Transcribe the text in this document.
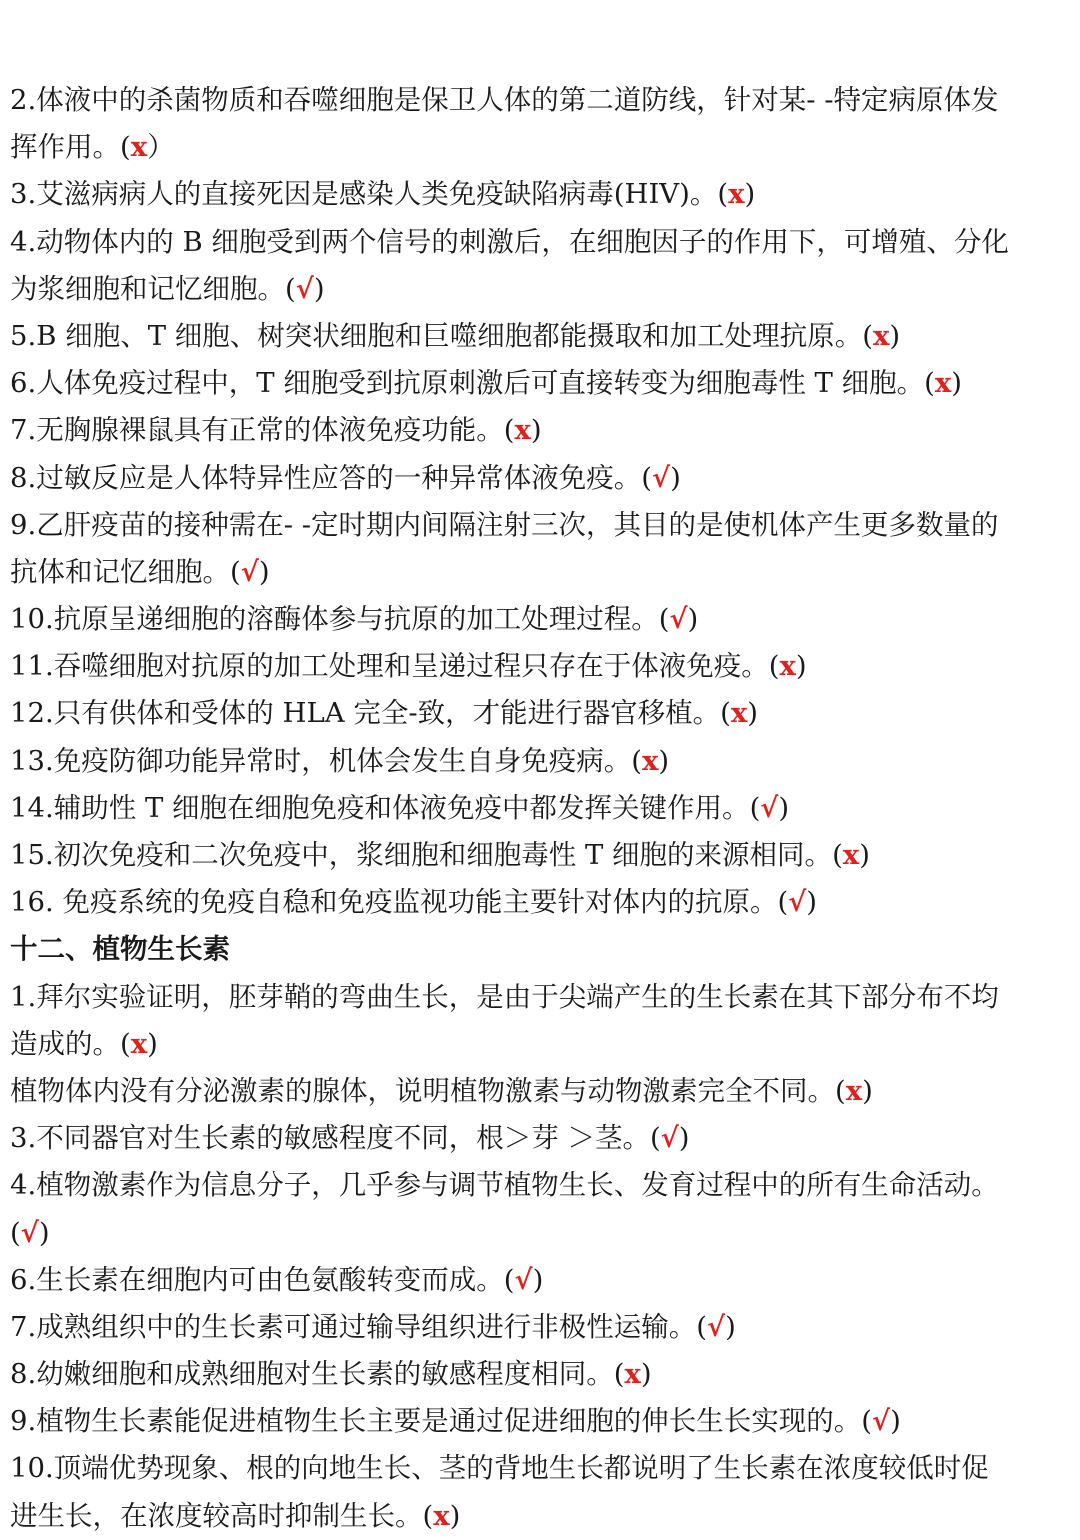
2.体液中的杀菌物质和吞噬细胞是保卫人体的第二道防线，针对某- -特定病原体发
挥作用。(x）
3.艾滋病病人的直接死因是感染人类免疫缺陷病毒(HIV)。(x)
4.动物体内的 B 细胞受到两个信号的刺激后，在细胞因子的作用下，可增殖、分化
为浆细胞和记忆细胞。(√)
5.B 细胞、T 细胞、树突状细胞和巨噬细胞都能摄取和加工处理抗原。(x)
6.人体免疫过程中，T 细胞受到抗原刺激后可直接转变为细胞毒性 T 细胞。(x)
7.无胸腺裸鼠具有正常的体液免疫功能。(x)
8.过敏反应是人体特异性应答的一种异常体液免疫。(√)
9.乙肝疫苗的接种需在- -定时期内间隔注射三次，其目的是使机体产生更多数量的
抗体和记忆细胞。(√)
10.抗原呈递细胞的溶酶体参与抗原的加工处理过程。(√)
11.吞噬细胞对抗原的加工处理和呈递过程只存在于体液免疫。(x)
12.只有供体和受体的 HLA 完全-致，才能进行器官移植。(x)
13.免疫防御功能异常时，机体会发生自身免疫病。(x)
14.辅助性 T 细胞在细胞免疫和体液免疫中都发挥关键作用。(√)
15.初次免疫和二次免疫中，浆细胞和细胞毒性 T 细胞的来源相同。(x)
16. 免疫系统的免疫自稳和免疫监视功能主要针对体内的抗原。(√)
十二、植物生长素
1.拜尔实验证明，胚芽鞘的弯曲生长，是由于尖端产生的生长素在其下部分布不均
造成的。(x)
植物体内没有分泌激素的腺体，说明植物激素与动物激素完全不同。(x)
3.不同器官对生长素的敏感程度不同，根＞芽 ＞茎。(√)
4.植物激素作为信息分子，几乎参与调节植物生长、发育过程中的所有生命活动。
(√)
6.生长素在细胞内可由色氨酸转变而成。(√)
7.成熟组织中的生长素可通过输导组织进行非极性运输。(√)
8.幼嫩细胞和成熟细胞对生长素的敏感程度相同。(x)
9.植物生长素能促进植物生长主要是通过促进细胞的伸长生长实现的。(√)
10.顶端优势现象、根的向地生长、茎的背地生长都说明了生长素在浓度较低时促
进生长，在浓度较高时抑制生长。(x)
